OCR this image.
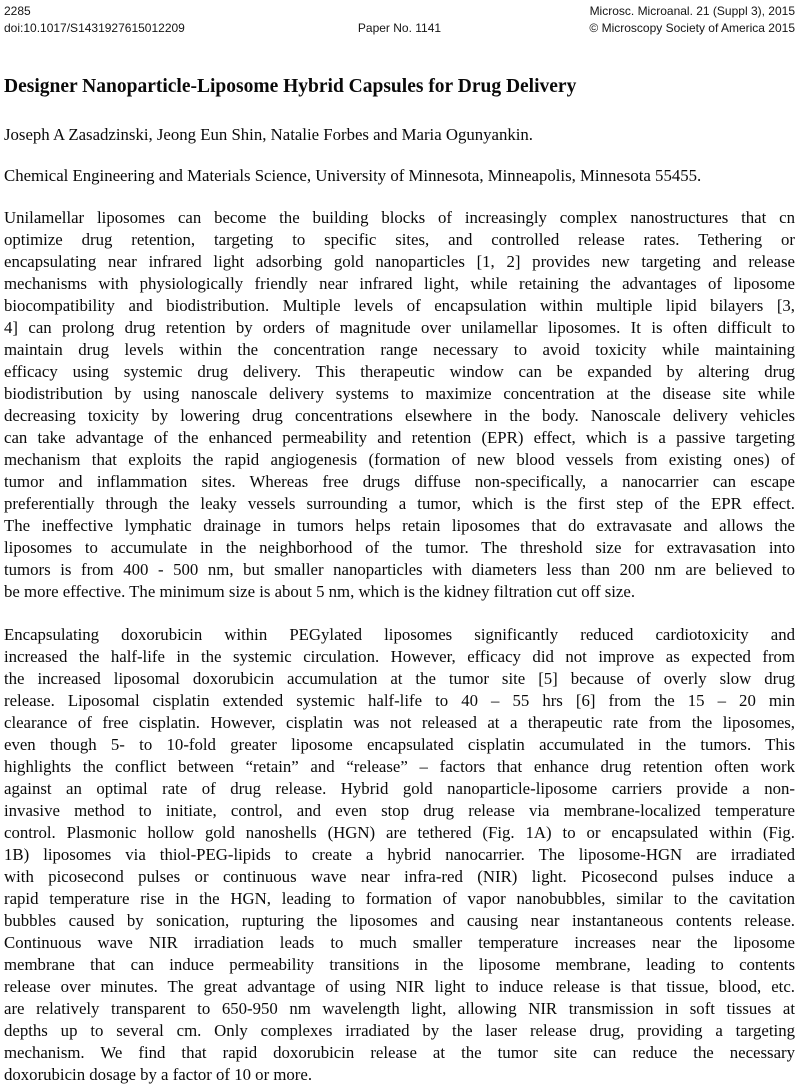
2285	Microsc. Microanal. 21 (Suppl 3), 2015
doi:10.1017/S1431927615012209	Paper No. 1141	© Microscopy Society of America 2015
Designer Nanoparticle-Liposome Hybrid Capsules for Drug Delivery

Joseph A Zasadzinski, Jeong Eun Shin, Natalie Forbes and Maria Ogunyankin.

Chemical Engineering and Materials Science, University of Minnesota, Minneapolis, Minnesota 55455.

Unilamellar liposomes can become the building blocks of increasingly complex nanostructures that cn
optimize drug retention, targeting to specific sites, and controlled release rates. Tethering or
encapsulating near infrared light adsorbing gold nanoparticles [1, 2] provides new targeting and release
mechanisms with physiologically friendly near infrared light, while retaining the advantages of liposome
biocompatibility and biodistribution. Multiple levels of encapsulation within multiple lipid bilayers [3,
4] can prolong drug retention by orders of magnitude over unilamellar liposomes. It is often difficult to
maintain drug levels within the concentration range necessary to avoid toxicity while maintaining
efficacy using systemic drug delivery. This therapeutic window can be expanded by altering drug
biodistribution by using nanoscale delivery systems to maximize concentration at the disease site while
decreasing toxicity by lowering drug concentrations elsewhere in the body. Nanoscale delivery vehicles
can take advantage of the enhanced permeability and retention (EPR) effect, which is a passive targeting
mechanism that exploits the rapid angiogenesis (formation of new blood vessels from existing ones) of
tumor and inflammation sites. Whereas free drugs diffuse non-specifically, a nanocarrier can escape
preferentially through the leaky vessels surrounding a tumor, which is the first step of the EPR effect.
The ineffective lymphatic drainage in tumors helps retain liposomes that do extravasate and allows the
liposomes to accumulate in the neighborhood of the tumor. The threshold size for extravasation into
tumors is from 400 - 500 nm, but smaller nanoparticles with diameters less than 200 nm are believed to
be more effective. The minimum size is about 5 nm, which is the kidney filtration cut off size.
Encapsulating doxorubicin within PEGylated liposomes significantly reduced cardiotoxicity and
increased the half-life in the systemic circulation. However, efficacy did not improve as expected from
the increased liposomal doxorubicin accumulation at the tumor site [5] because of overly slow drug
release. Liposomal cisplatin extended systemic half-life to 40 – 55 hrs [6] from the 15 – 20 min
clearance of free cisplatin. However, cisplatin was not released at a therapeutic rate from the liposomes,
even though 5- to 10-fold greater liposome encapsulated cisplatin accumulated in the tumors. This
highlights the conflict between “retain” and “release” – factors that enhance drug retention often work
against an optimal rate of drug release. Hybrid gold nanoparticle-liposome carriers provide a non-
invasive method to initiate, control, and even stop drug release via membrane-localized temperature
control. Plasmonic hollow gold nanoshells (HGN) are tethered (Fig. 1A) to or encapsulated within (Fig.
1B) liposomes via thiol-PEG-lipids to create a hybrid nanocarrier. The liposome-HGN are irradiated
with picosecond pulses or continuous wave near infra-red (NIR) light. Picosecond pulses induce a
rapid temperature rise in the HGN, leading to formation of vapor nanobubbles, similar to the cavitation
bubbles caused by sonication, rupturing the liposomes and causing near instantaneous contents release.
Continuous wave NIR irradiation leads to much smaller temperature increases near the liposome
membrane that can induce permeability transitions in the liposome membrane, leading to contents
release over minutes. The great advantage of using NIR light to induce release is that tissue, blood, etc.
are relatively transparent to 650-950 nm wavelength light, allowing NIR transmission in soft tissues at
depths up to several cm. Only complexes irradiated by the laser release drug, providing a targeting
mechanism. We find that rapid doxorubicin release at the tumor site can reduce the necessary
doxorubicin dosage by a factor of 10 or more.
